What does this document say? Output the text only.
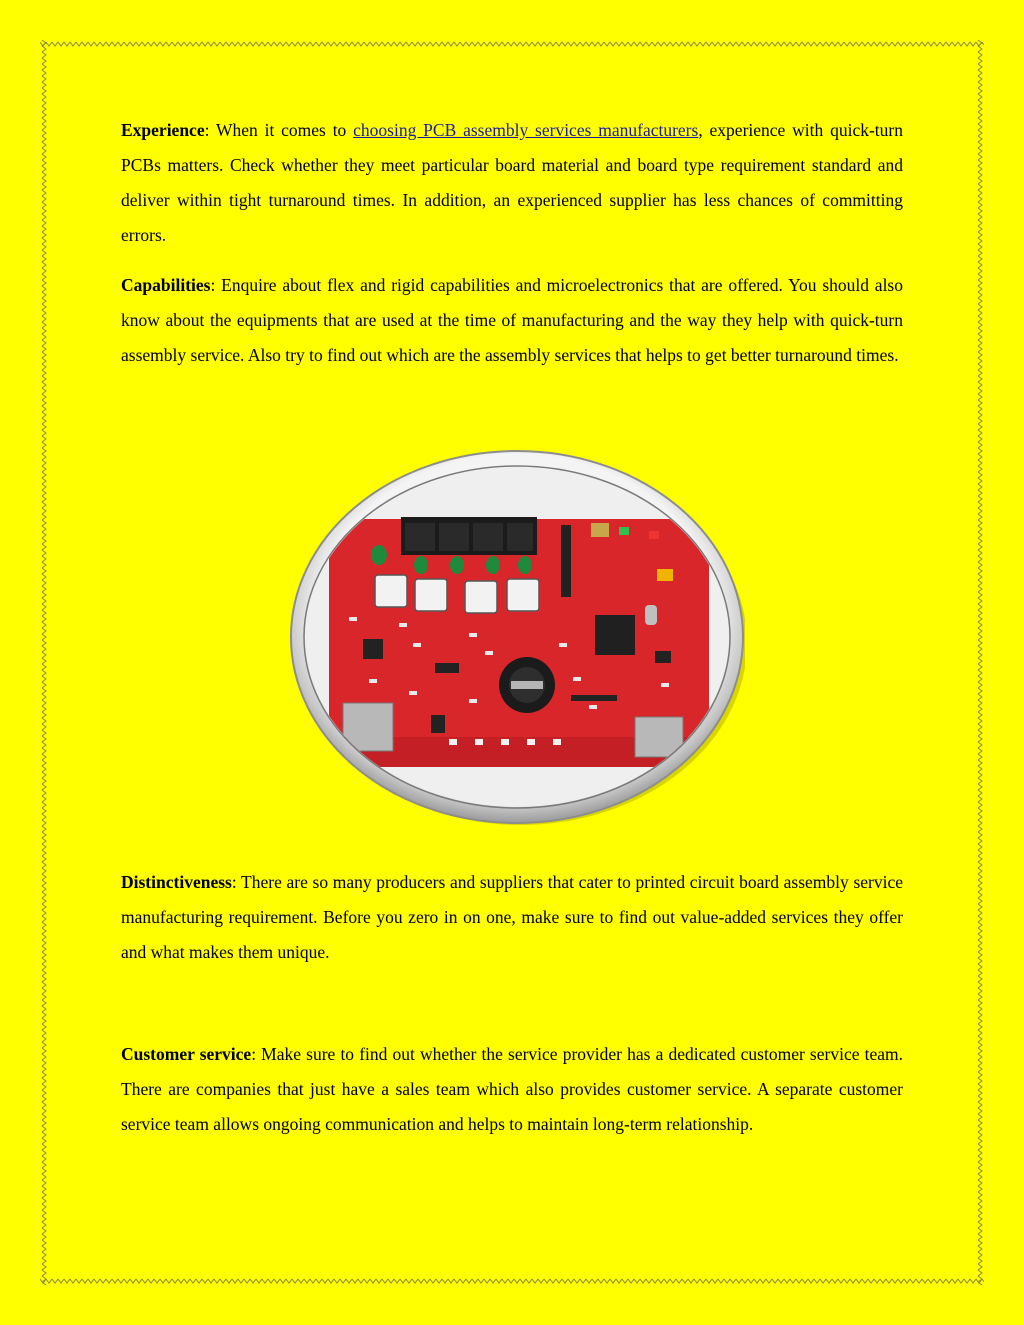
Experience: When it comes to choosing PCB assembly services manufacturers, experience with quick-turn PCBs matters. Check whether they meet particular board material and board type requirement standard and deliver within tight turnaround times. In addition, an experienced supplier has less chances of committing errors.

Capabilities: Enquire about flex and rigid capabilities and microelectronics that are offered. You should also know about the equipments that are used at the time of manufacturing and the way they help with quick-turn assembly service. Also try to find out which are the assembly services that helps to get better turnaround times.

Distinctiveness: There are so many producers and suppliers that cater to printed circuit board assembly service manufacturing requirement. Before you zero in on one, make sure to find out value-added services they offer and what makes them unique.

Customer service: Make sure to find out whether the service provider has a dedicated customer service team. There are companies that just have a sales team which also provides customer service. A separate customer service team allows ongoing communication and helps to maintain long-term relationship.
